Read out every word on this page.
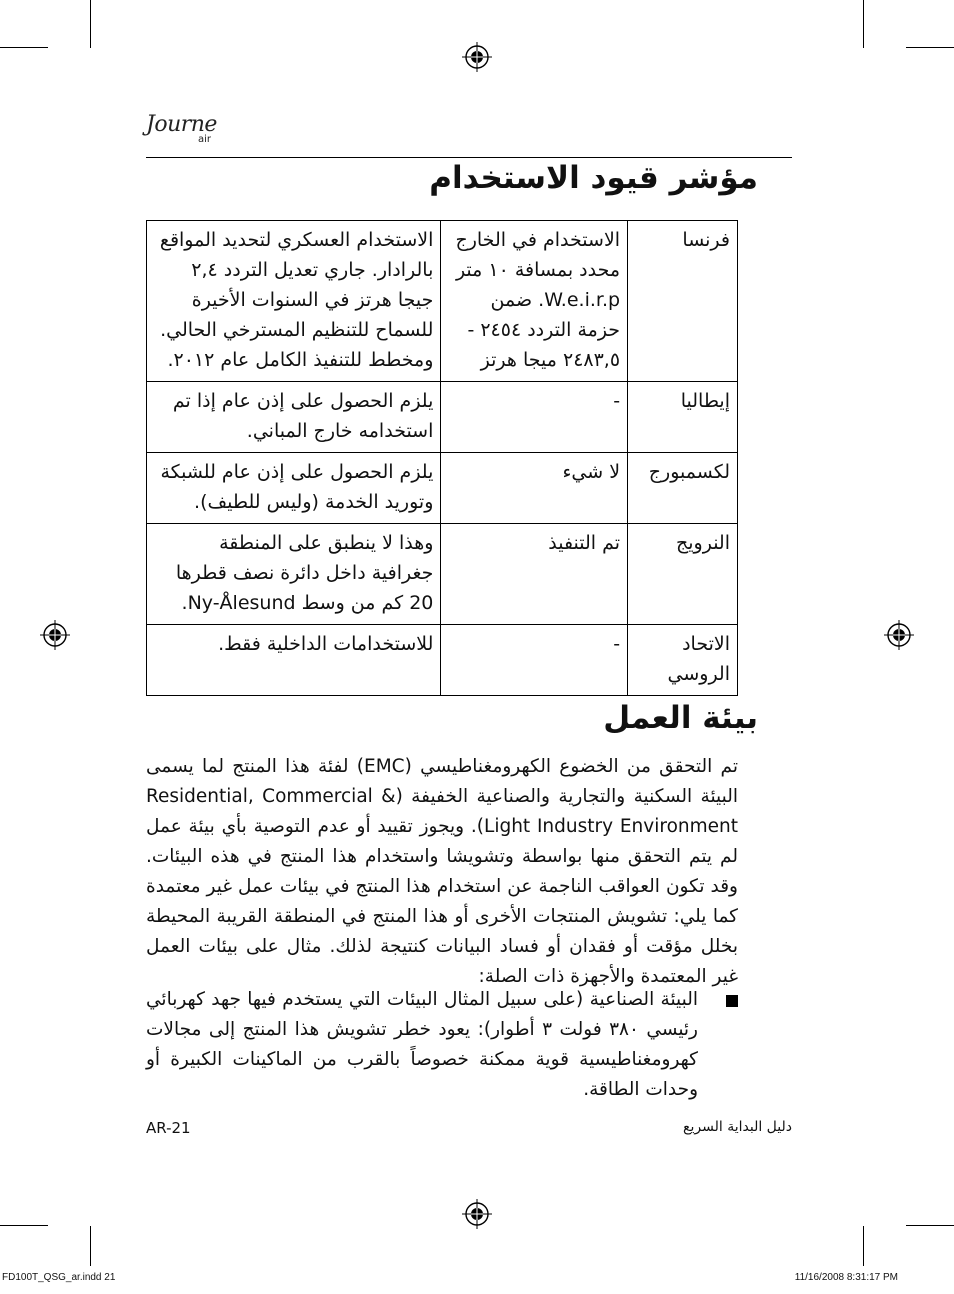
Journe
air
مؤشر قيود الاستخدام
فرنسا	الاستخدام في الخارج محدد بمسافة ١٠ متر W.e.i.r.p. ضمن حزمة التردد ٢٤٥٤ - ٢٤٨٣,٥ ميجا هرتز	الاستخدام العسكري لتحديد المواقع بالرادار. جاري تعديل التردد ٢,٤ جيجا هرتز في السنوات الأخيرة للسماح للتنظيم المسترخي الحالي. ومخطط للتنفيذ الكامل عام ٢٠١٢.
إيطاليا	-	يلزم الحصول على إذن عام إذا تم استخدامه خارج المباني.
لكسمبورج	لا شيء	يلزم الحصول على إذن عام للشبكة وتوريد الخدمة (وليس للطيف).
النرويج	تم التنفيذ	وهذا لا ينطبق على المنطقة جغرافية داخل دائرة نصف قطرها 20 كم من وسط Ny-Ålesund.
الاتحاد الروسي	-	للاستخدامات الداخلية فقط.
بيئة العمل
تم التحقق من الخضوع الكهرومغناطيسي (EMC) لفئة هذا المنتج لما يسمى البيئة السكنية والتجارية والصناعية الخفيفة (Residential, Commercial & Light Industry Environment). ويجوز تقييد أو عدم التوصية بأي بيئة عمل لم يتم التحقق منها بواسطة وتشويشا واستخدام هذا المنتج في هذه البيئات. وقد تكون العواقب الناجمة عن استخدام هذا المنتج في بيئات عمل غير معتمدة كما يلي: تشويش المنتجات الأخرى أو هذا المنتج في المنطقة القريبة المحيطة بخلل مؤقت أو فقدان أو فساد البيانات كنتيجة لذلك. مثال على بيئات العمل غير المعتمدة والأجهزة ذات الصلة:
البيئة الصناعية (على سبيل المثال البيئات التي يستخدم فيها جهد كهربائي رئيسي ٣٨٠ فولت ٣ أطوار): يعود خطر تشويش هذا المنتج إلى مجالات كهرومغناطيسية قوية ممكنة خصوصاً بالقرب من الماكينات الكبيرة أو وحدات الطاقة.
AR-21	دليل البداية السريع
FD100T_QSG_ar.indd 21	11/16/2008 8:31:17 PM
